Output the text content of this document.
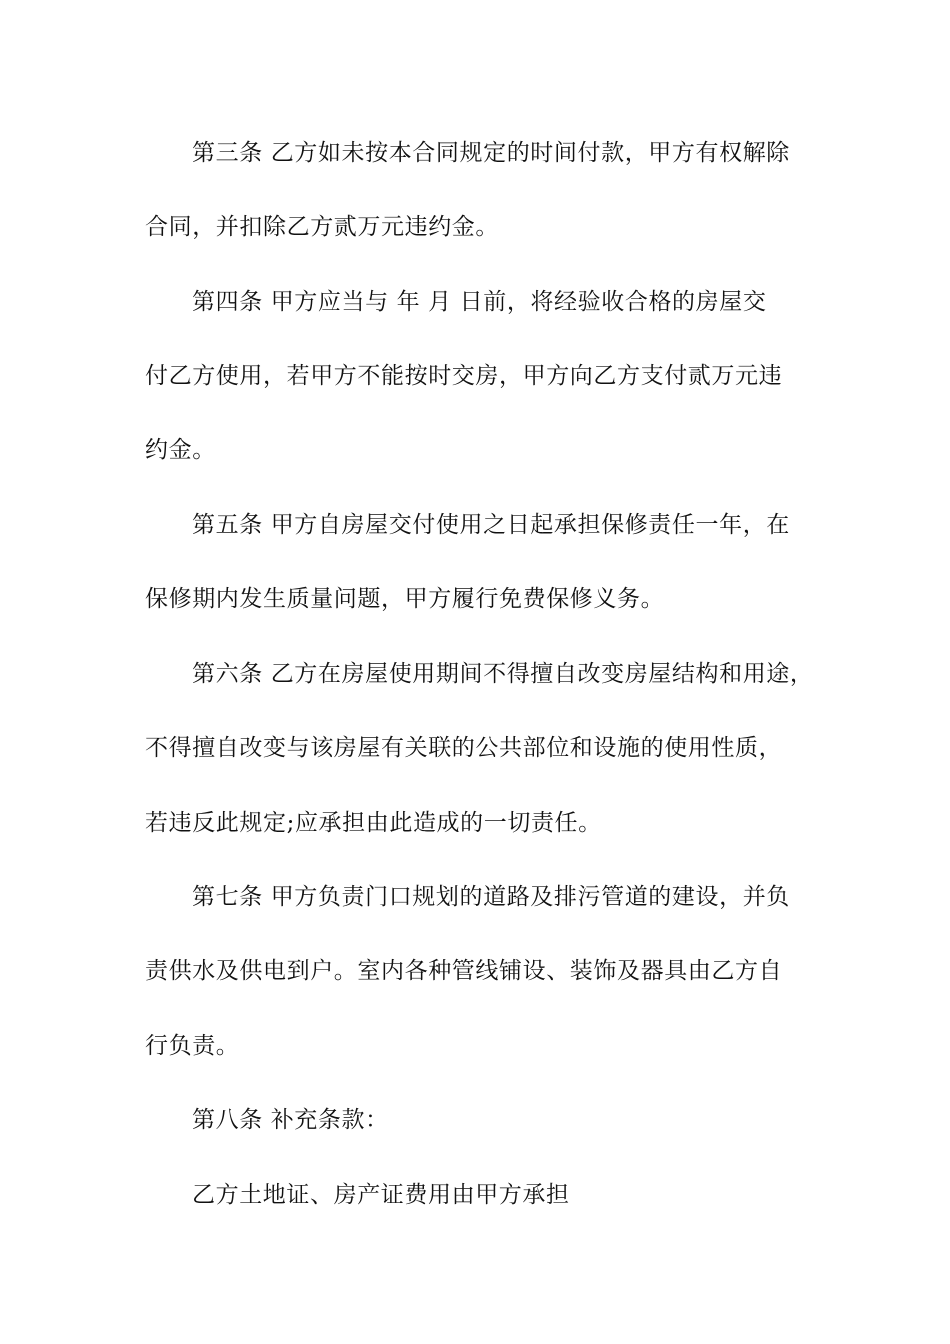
第三条 乙方如未按本合同规定的时间付款，甲方有权解除

合同，并扣除乙方贰万元违约金。

第四条 甲方应当与 年 月 日前，将经验收合格的房屋交

付乙方使用，若甲方不能按时交房，甲方向乙方支付贰万元违

约金。

第五条 甲方自房屋交付使用之日起承担保修责任一年，在

保修期内发生质量问题，甲方履行免费保修义务。

第六条 乙方在房屋使用期间不得擅自改变房屋结构和用途，

不得擅自改变与该房屋有关联的公共部位和设施的使用性质，

若违反此规定;应承担由此造成的一切责任。

第七条 甲方负责门口规划的道路及排污管道的建设，并负

责供水及供电到户。室内各种管线铺设、装饰及器具由乙方自

行负责。

第八条 补充条款：

乙方土地证、房产证费用由甲方承担
